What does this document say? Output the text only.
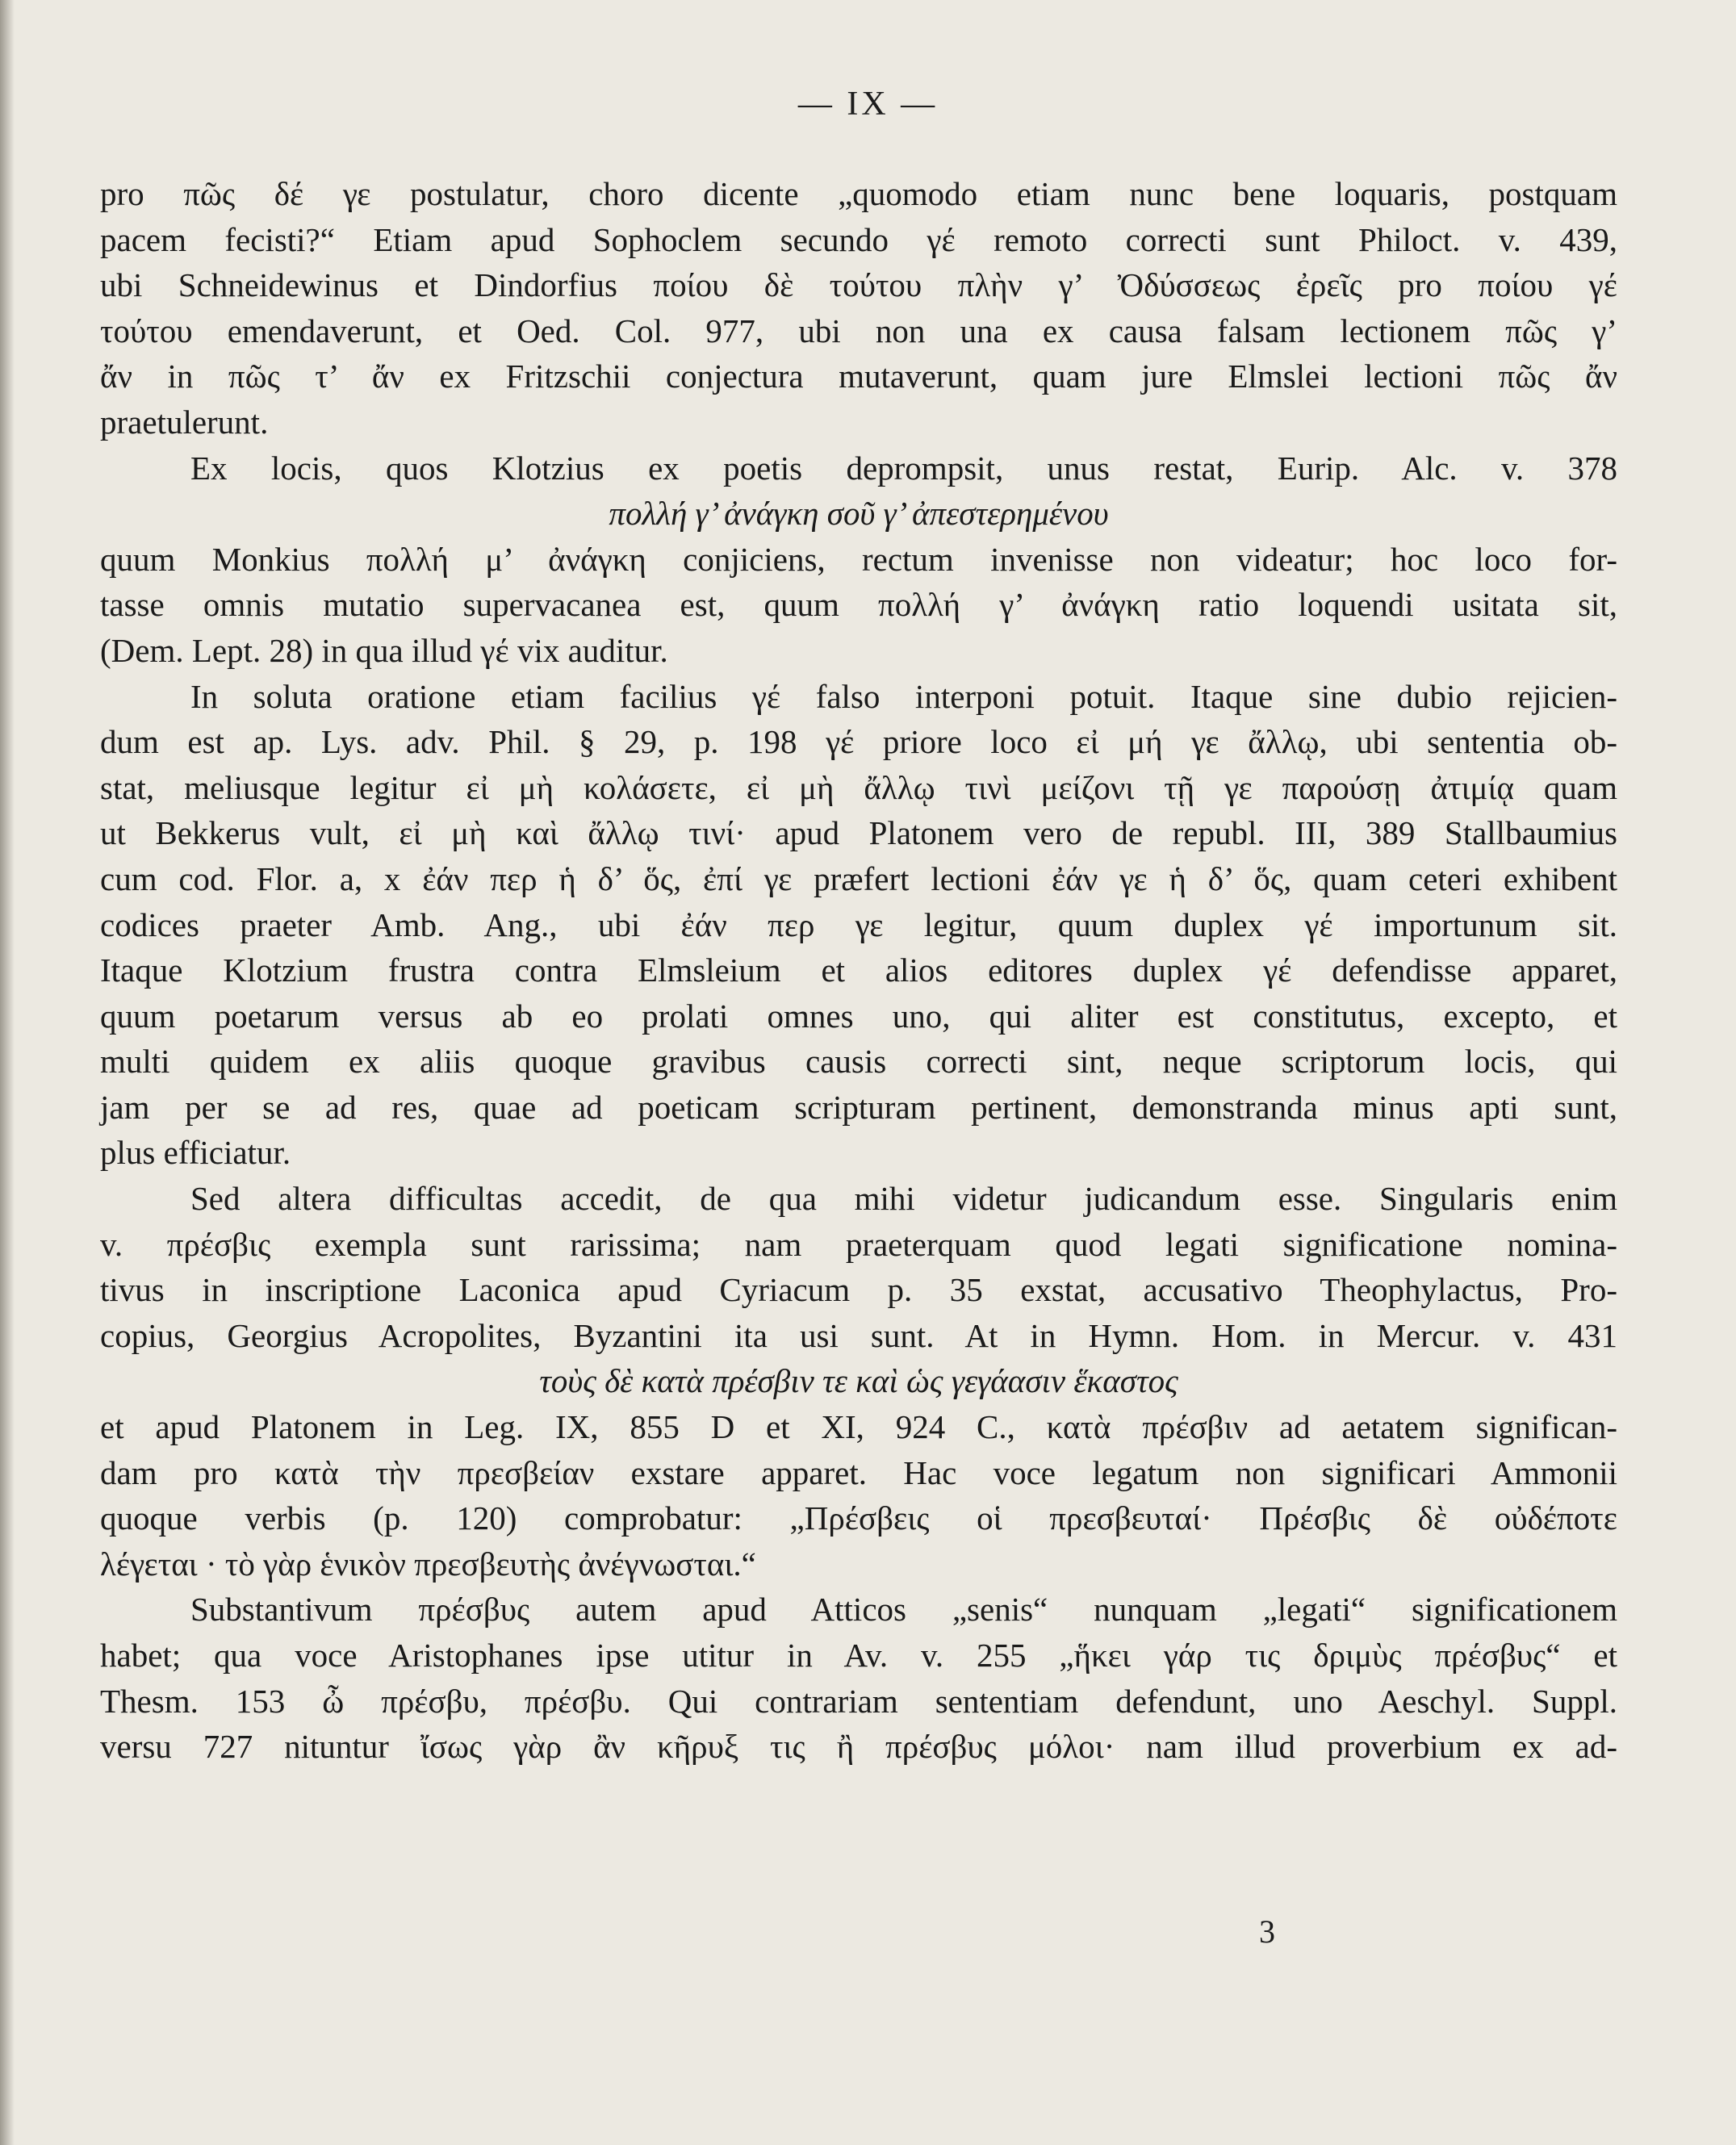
— IX —
pro πῶς δέ γε postulatur, choro dicente „quomodo etiam nunc bene loquaris, postquam
pacem fecisti?“ Etiam apud Sophoclem secundo γέ remoto correcti sunt Philoct. v. 439,
ubi Schneidewinus et Dindorfius ποίου δὲ τούτου πλὴν γ’ Ὀδύσσεως ἐρεῖς pro ποίου γέ
τούτου emendaverunt, et Oed. Col. 977, ubi non una ex causa falsam lectionem πῶς γ’
ἄν in πῶς τ’ ἄν ex Fritzschii conjectura mutaverunt, quam jure Elmslei lectioni πῶς ἄν
praetulerunt.
Ex locis, quos Klotzius ex poetis deprompsit, unus restat, Eurip. Alc. v. 378
πολλή γ’ ἀνάγκη σοῦ γ’ ἀπεστερημένου
quum Monkius πολλή μ’ ἀνάγκη conjiciens, rectum invenisse non videatur; hoc loco for-
tasse omnis mutatio supervacanea est, quum πολλή γ’ ἀνάγκη ratio loquendi usitata sit,
(Dem. Lept. 28) in qua illud γέ vix auditur.
In soluta oratione etiam facilius γέ falso interponi potuit. Itaque sine dubio rejicien-
dum est ap. Lys. adv. Phil. § 29, p. 198 γέ priore loco εἰ μή γε ἄλλῳ, ubi sententia ob-
stat, meliusque legitur εἰ μὴ κολάσετε, εἰ μὴ ἄλλῳ τινὶ μείζονι τῇ γε παρούσῃ ἀτιμίᾳ quam
ut Bekkerus vult, εἰ μὴ καὶ ἄλλῳ τινί· apud Platonem vero de republ. III, 389 Stallbaumius
cum cod. Flor. a, x ἐάν περ ἡ δ’ ὅς, ἐπί γε præfert lectioni ἐάν γε ἡ δ’ ὅς, quam ceteri exhibent
codices praeter Amb. Ang., ubi ἐάν περ γε legitur, quum duplex γέ importunum sit.
Itaque Klotzium frustra contra Elmsleium et alios editores duplex γέ defendisse apparet,
quum poetarum versus ab eo prolati omnes uno, qui aliter est constitutus, excepto, et
multi quidem ex aliis quoque gravibus causis correcti sint, neque scriptorum locis, qui
jam per se ad res, quae ad poeticam scripturam pertinent, demonstranda minus apti sunt,
plus efficiatur.
Sed altera difficultas accedit, de qua mihi videtur judicandum esse. Singularis enim
v. πρέσβις exempla sunt rarissima; nam praeterquam quod legati significatione nomina-
tivus in inscriptione Laconica apud Cyriacum p. 35 exstat, accusativo Theophylactus, Pro-
copius, Georgius Acropolites, Byzantini ita usi sunt. At in Hymn. Hom. in Mercur. v. 431
τοὺς δὲ κατὰ πρέσβιν τε καὶ ὡς γεγάασιν ἕκαστος
et apud Platonem in Leg. IX, 855 D et XI, 924 C., κατὰ πρέσβιν ad aetatem significan-
dam pro κατὰ τὴν πρεσβείαν exstare apparet. Hac voce legatum non significari Ammonii
quoque verbis (p. 120) comprobatur: „Πρέσβεις οἱ πρεσβευταί· Πρέσβις δὲ οὐδέποτε
λέγεται · τὸ γὰρ ἑνικὸν πρεσβευτὴς ἀνέγνωσται.“
Substantivum πρέσβυς autem apud Atticos „senis“ nunquam „legati“ significationem
habet; qua voce Aristophanes ipse utitur in Av. v. 255 „ἥκει γάρ τις δριμὺς πρέσβυς“ et
Thesm. 153 ὦ πρέσβυ, πρέσβυ. Qui contrariam sententiam defendunt, uno Aeschyl. Suppl.
versu 727 nituntur ἴσως γὰρ ἂν κῆρυξ τις ἢ πρέσβυς μόλοι· nam illud proverbium ex ad-
3
